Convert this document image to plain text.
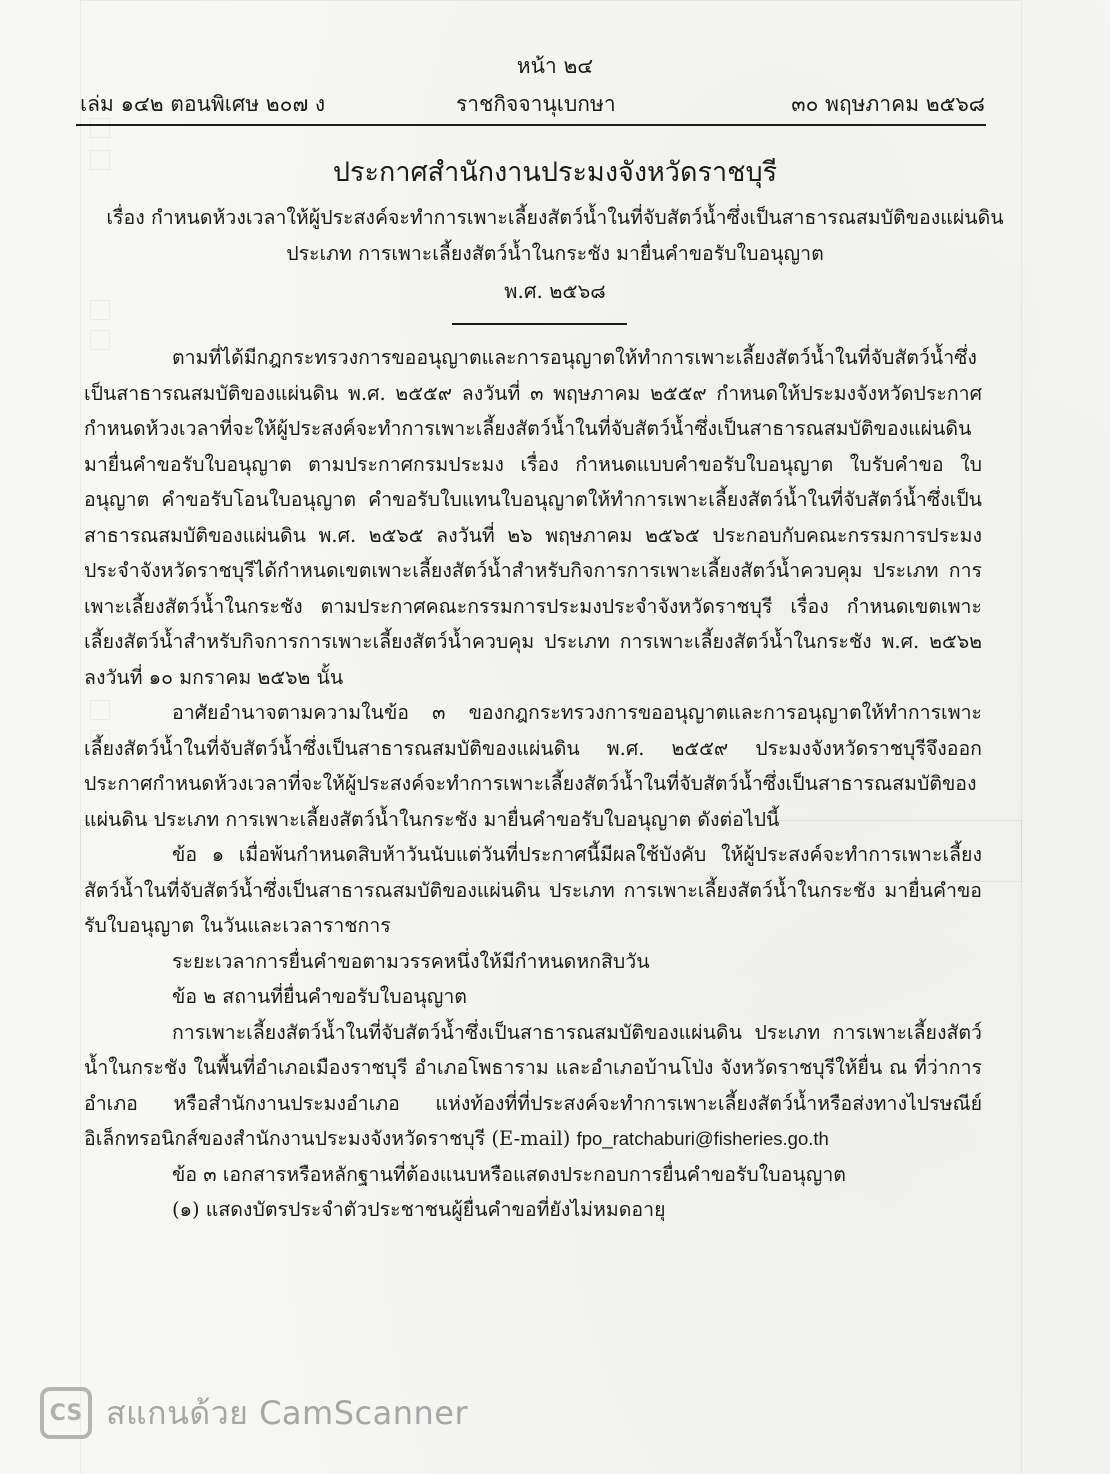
หน้า ๒๔
เล่ม ๑๔๒ ตอนพิเศษ ๒๐๗ ง	ราชกิจจานุเบกษา	๓๐ พฤษภาคม ๒๕๖๘
ประกาศสำนักงานประมงจังหวัดราชบุรี
เรื่อง กำหนดห้วงเวลาให้ผู้ประสงค์จะทำการเพาะเลี้ยงสัตว์น้ำในที่จับสัตว์น้ำซึ่งเป็นสาธารณสมบัติของแผ่นดิน
ประเภท การเพาะเลี้ยงสัตว์น้ำในกระชัง มายื่นคำขอรับใบอนุญาต
พ.ศ. ๒๕๖๘

ตามที่ได้มีกฎกระทรวงการขออนุญาตและการอนุญาตให้ทำการเพาะเลี้ยงสัตว์น้ำในที่จับสัตว์น้ำซึ่งเป็นสาธารณสมบัติของแผ่นดิน พ.ศ. ๒๕๕๙ ลงวันที่ ๓ พฤษภาคม ๒๕๕๙ กำหนดให้ประมงจังหวัดประกาศกำหนดห้วงเวลาที่จะให้ผู้ประสงค์จะทำการเพาะเลี้ยงสัตว์น้ำในที่จับสัตว์น้ำซึ่งเป็นสาธารณสมบัติของแผ่นดิน มายื่นคำขอรับใบอนุญาต ตามประกาศกรมประมง เรื่อง กำหนดแบบคำขอรับใบอนุญาต ใบรับคำขอ ใบอนุญาต คำขอรับโอนใบอนุญาต คำขอรับใบแทนใบอนุญาตให้ทำการเพาะเลี้ยงสัตว์น้ำในที่จับสัตว์น้ำซึ่งเป็นสาธารณสมบัติของแผ่นดิน พ.ศ. ๒๕๖๕ ลงวันที่ ๒๖ พฤษภาคม ๒๕๖๕ ประกอบกับคณะกรรมการประมงประจำจังหวัดราชบุรีได้กำหนดเขตเพาะเลี้ยงสัตว์น้ำสำหรับกิจการการเพาะเลี้ยงสัตว์น้ำควบคุม ประเภท การเพาะเลี้ยงสัตว์น้ำในกระชัง ตามประกาศคณะกรรมการประมงประจำจังหวัดราชบุรี เรื่อง กำหนดเขตเพาะเลี้ยงสัตว์น้ำสำหรับกิจการการเพาะเลี้ยงสัตว์น้ำควบคุม ประเภท การเพาะเลี้ยงสัตว์น้ำในกระชัง พ.ศ. ๒๕๖๒ ลงวันที่ ๑๐ มกราคม ๒๕๖๒ นั้น

อาศัยอำนาจตามความในข้อ ๓ ของกฎกระทรวงการขออนุญาตและการอนุญาตให้ทำการเพาะเลี้ยงสัตว์น้ำในที่จับสัตว์น้ำซึ่งเป็นสาธารณสมบัติของแผ่นดิน พ.ศ. ๒๕๕๙ ประมงจังหวัดราชบุรีจึงออกประกาศกำหนดห้วงเวลาที่จะให้ผู้ประสงค์จะทำการเพาะเลี้ยงสัตว์น้ำในที่จับสัตว์น้ำซึ่งเป็นสาธารณสมบัติของแผ่นดิน ประเภท การเพาะเลี้ยงสัตว์น้ำในกระชัง มายื่นคำขอรับใบอนุญาต ดังต่อไปนี้

ข้อ ๑ เมื่อพ้นกำหนดสิบห้าวันนับแต่วันที่ประกาศนี้มีผลใช้บังคับ ให้ผู้ประสงค์จะทำการเพาะเลี้ยงสัตว์น้ำในที่จับสัตว์น้ำซึ่งเป็นสาธารณสมบัติของแผ่นดิน ประเภท การเพาะเลี้ยงสัตว์น้ำในกระชัง มายื่นคำขอรับใบอนุญาต ในวันและเวลาราชการ

ระยะเวลาการยื่นคำขอตามวรรคหนึ่งให้มีกำหนดหกสิบวัน

ข้อ ๒ สถานที่ยื่นคำขอรับใบอนุญาต

การเพาะเลี้ยงสัตว์น้ำในที่จับสัตว์น้ำซึ่งเป็นสาธารณสมบัติของแผ่นดิน ประเภท การเพาะเลี้ยงสัตว์น้ำในกระชัง ในพื้นที่อำเภอเมืองราชบุรี อำเภอโพธาราม และอำเภอบ้านโป่ง จังหวัดราชบุรีให้ยื่น ณ ที่ว่าการอำเภอ หรือสำนักงานประมงอำเภอ แห่งท้องที่ที่ประสงค์จะทำการเพาะเลี้ยงสัตว์น้ำหรือส่งทางไปรษณีย์อิเล็กทรอนิกส์ของสำนักงานประมงจังหวัดราชบุรี (E-mail) fpo_ratchaburi@fisheries.go.th

ข้อ ๓ เอกสารหรือหลักฐานที่ต้องแนบหรือแสดงประกอบการยื่นคำขอรับใบอนุญาต

(๑) แสดงบัตรประจำตัวประชาชนผู้ยื่นคำขอที่ยังไม่หมดอายุ

CS สแกนด้วย CamScanner
